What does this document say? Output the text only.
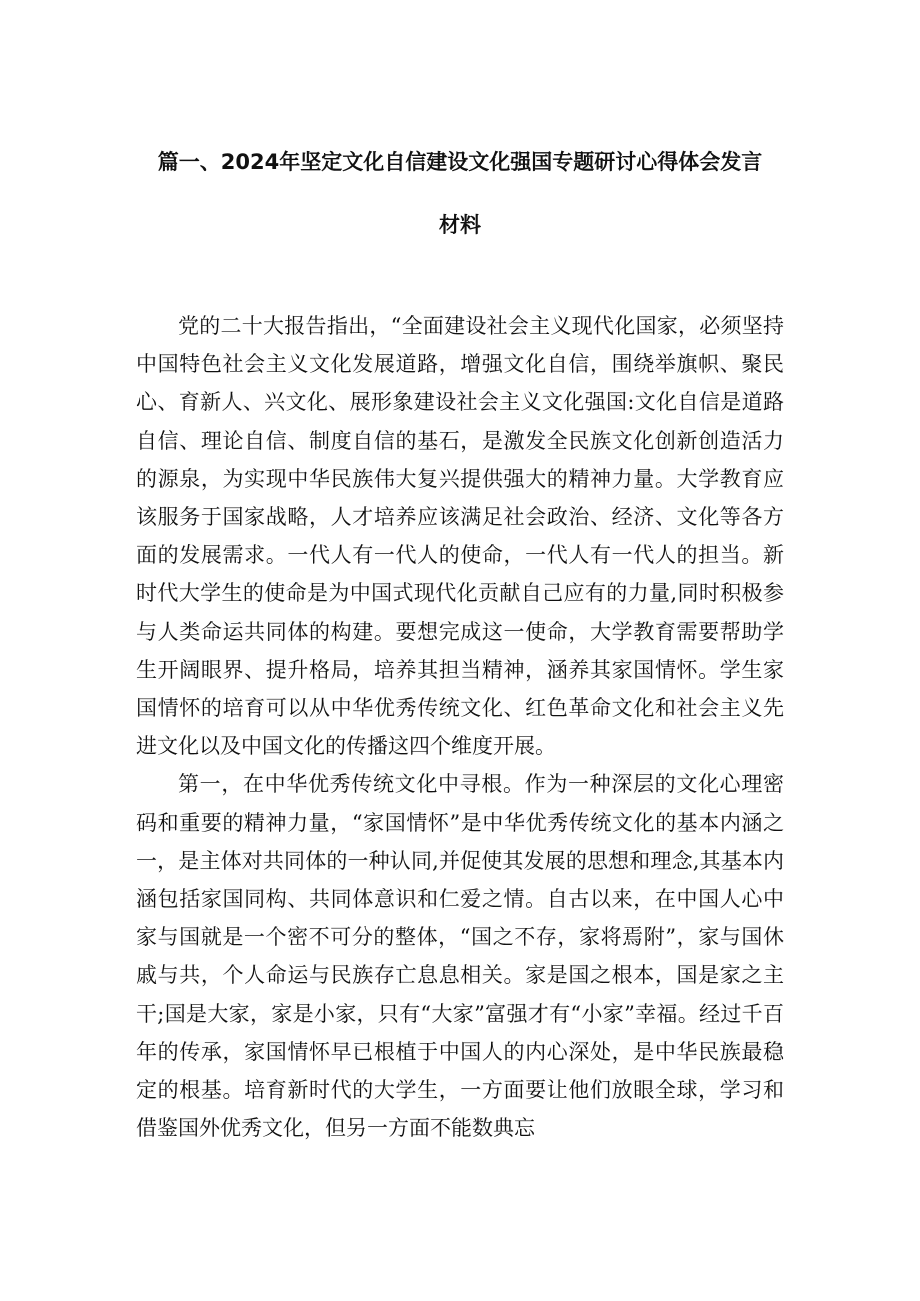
篇一、2024年坚定文化自信建设文化强国专题研讨心得体会发言
材料

党的二十大报告指出，“全面建设社会主义现代化国家，必须坚持中国特色社会主义文化发展道路，增强文化自信，围绕举旗帜、聚民心、育新人、兴文化、展形象建设社会主义文化强国:文化自信是道路自信、理论自信、制度自信的基石，是激发全民族文化创新创造活力的源泉，为实现中华民族伟大复兴提供强大的精神力量。大学教育应该服务于国家战略，人才培养应该满足社会政治、经济、文化等各方面的发展需求。一代人有一代人的使命，一代人有一代人的担当。新时代大学生的使命是为中国式现代化贡献自己应有的力量,同时积极参与人类命运共同体的构建。要想完成这一使命，大学教育需要帮助学生开阔眼界、提升格局，培养其担当精神，涵养其家国情怀。学生家国情怀的培育可以从中华优秀传统文化、红色革命文化和社会主义先进文化以及中国文化的传播这四个维度开展。

第一，在中华优秀传统文化中寻根。作为一种深层的文化心理密码和重要的精神力量，“家国情怀”是中华优秀传统文化的基本内涵之一，是主体对共同体的一种认同,并促使其发展的思想和理念,其基本内涵包括家国同构、共同体意识和仁爱之情。自古以来，在中国人心中家与国就是一个密不可分的整体，“国之不存，家将焉附”，家与国休戚与共，个人命运与民族存亡息息相关。家是国之根本，国是家之主干;国是大家，家是小家，只有“大家”富强才有“小家”幸福。经过千百年的传承，家国情怀早已根植于中国人的内心深处，是中华民族最稳定的根基。培育新时代的大学生，一方面要让他们放眼全球，学习和借鉴国外优秀文化，但另一方面不能数典忘
